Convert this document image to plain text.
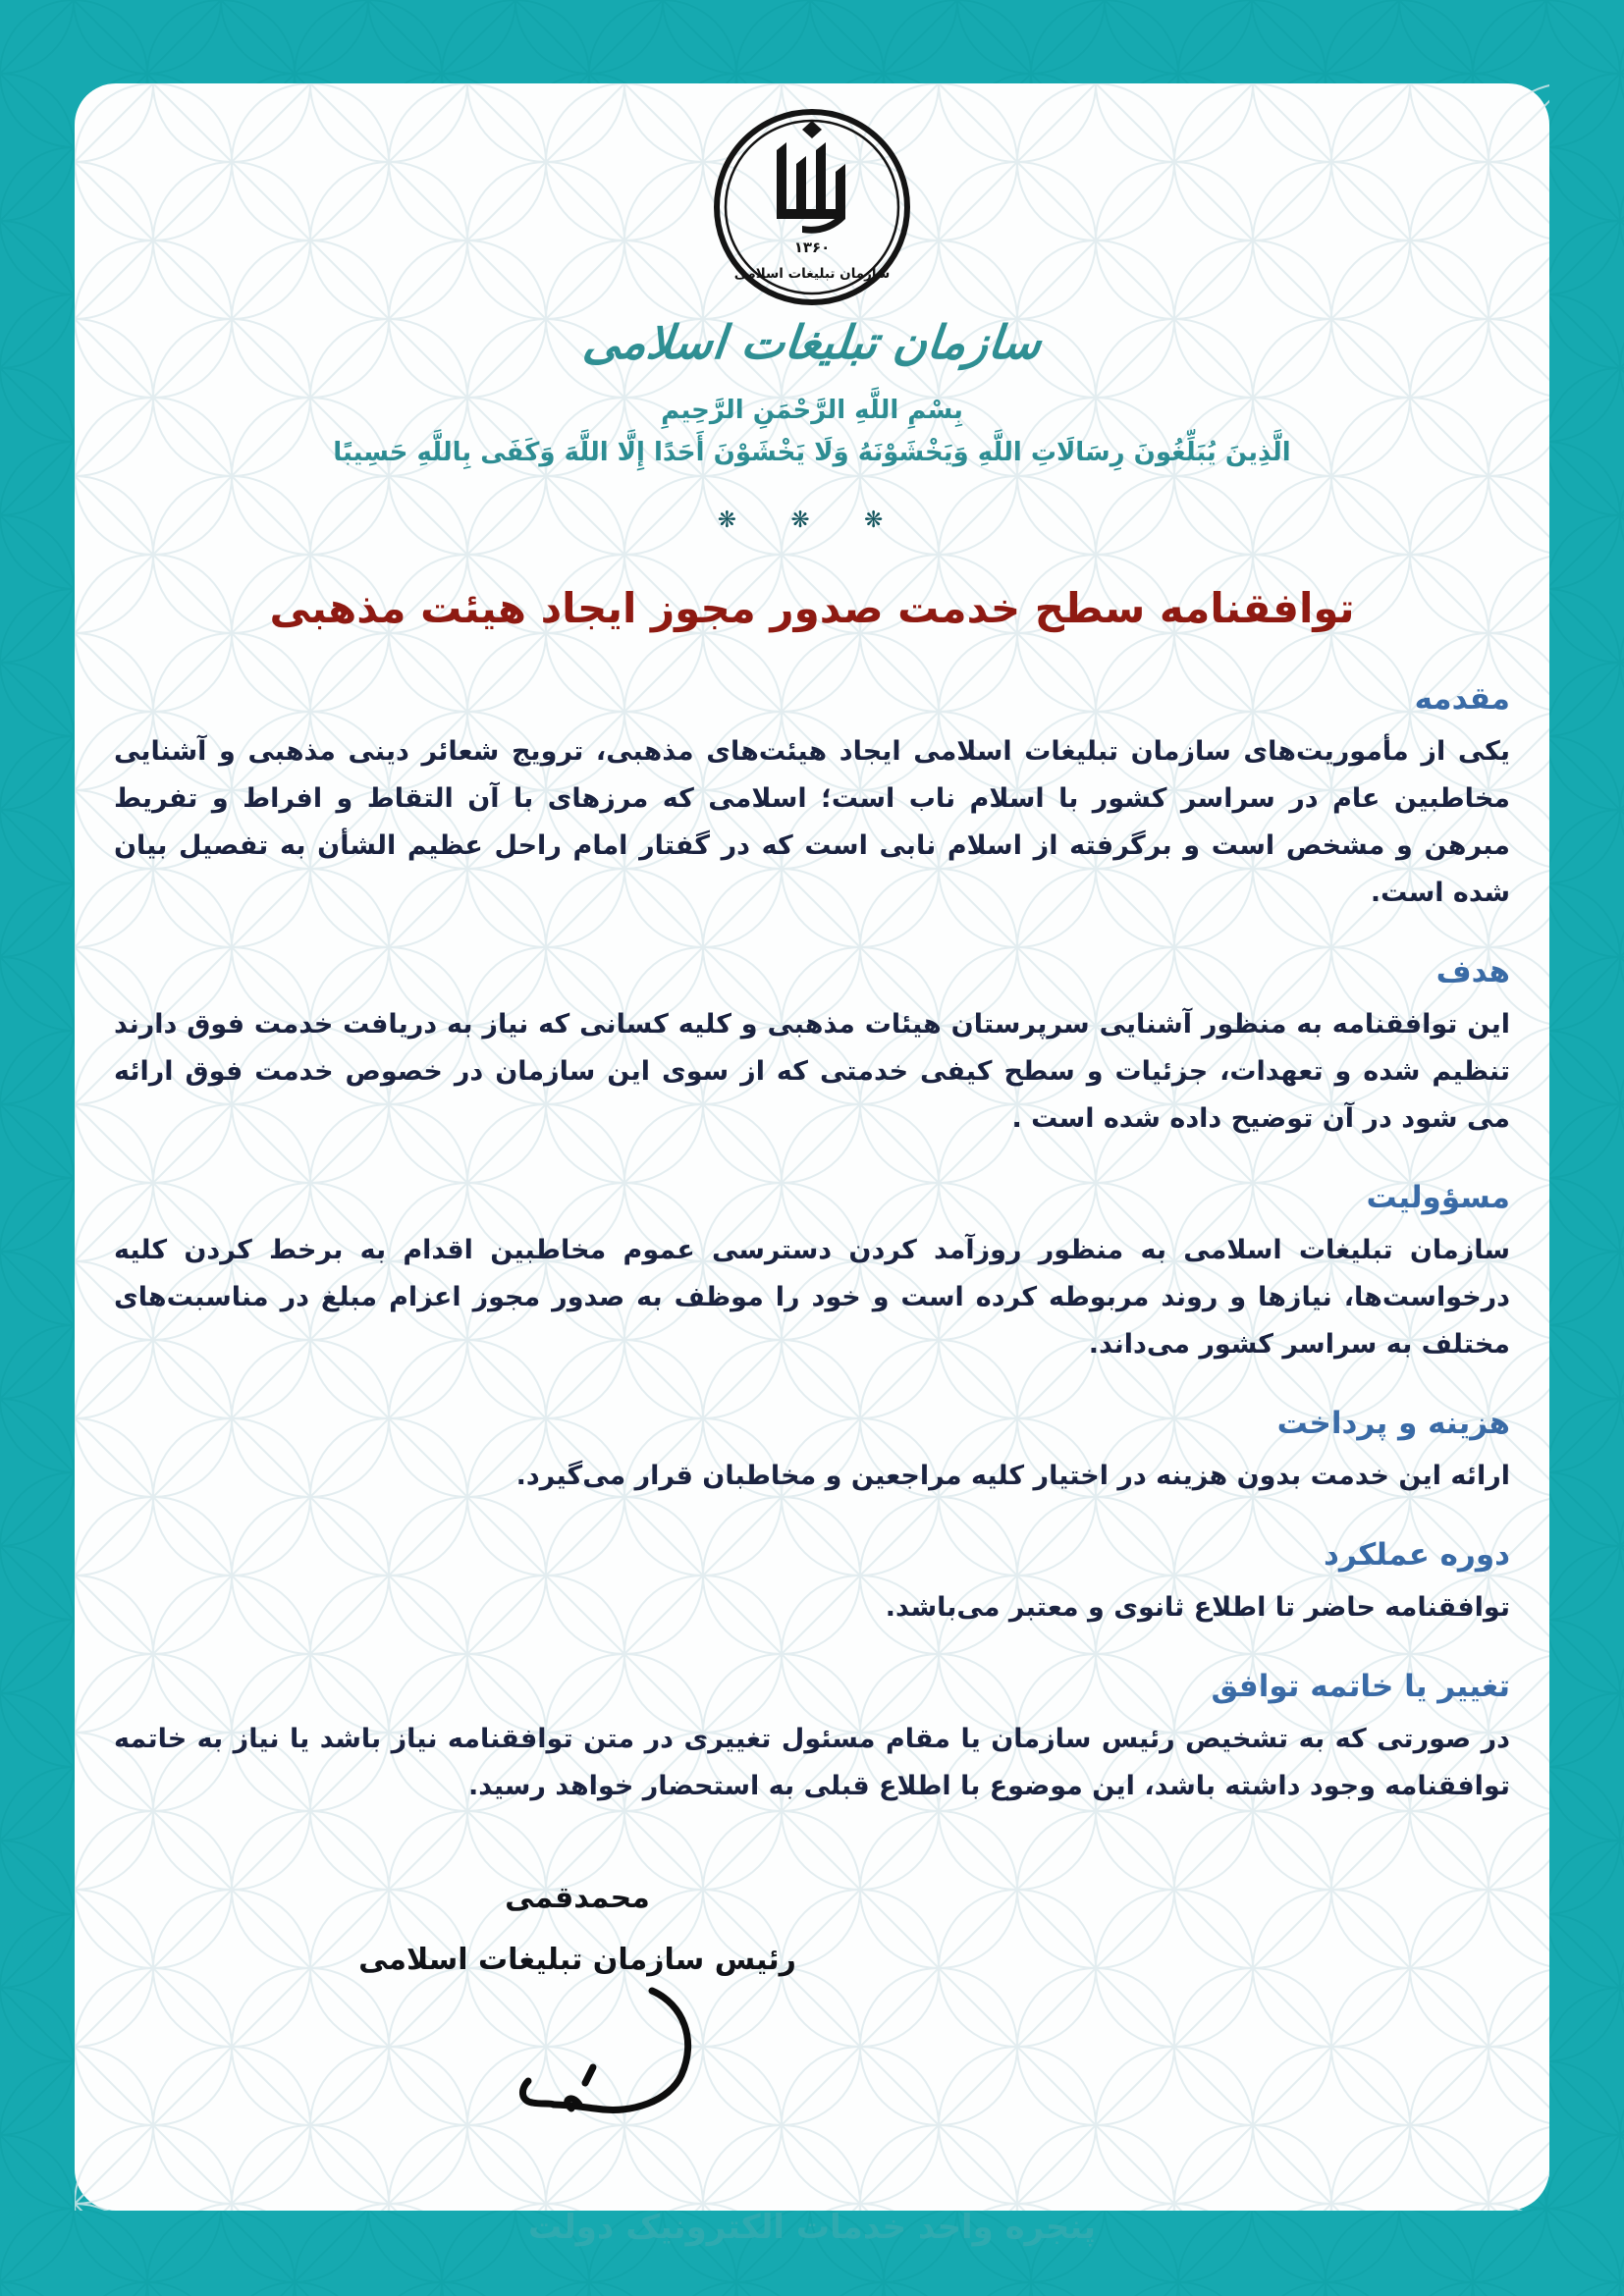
۱۳۶۰
سازمان تبلیغات اسلامی
سازمان تبلیغات اسلامی
بِسْمِ اللَّهِ الرَّحْمَنِ الرَّحِيمِ
الَّذِينَ يُبَلِّغُونَ رِسَالَاتِ اللَّهِ وَيَخْشَوْنَهُ وَلَا يَخْشَوْنَ أَحَدًا إِلَّا اللَّهَ وَكَفَى بِاللَّهِ حَسِيبًا
❋ ❋ ❋
توافقنامه سطح خدمت صدور مجوز ایجاد هیئت مذهبی
مقدمه

یکی از مأموریت‌های سازمان تبلیغات اسلامی ایجاد هیئت‌های مذهبی، ترویج شعائر دینی مذهبی و آشنایی مخاطبین عام در سراسر کشور با اسلام ناب است؛ اسلامی که مرزهای با آن التقاط و افراط و تفریط مبرهن و مشخص است و برگرفته از اسلام نابی است که در گفتار امام راحل عظیم الشأن به تفصیل بیان شده است.

هدف

این توافقنامه به منظور آشنایی سرپرستان هیئات مذهبی و کلیه کسانی که نیاز به دریافت خدمت فوق دارند تنظیم شده و تعهدات، جزئیات و سطح کیفی خدمتی که از سوی این سازمان در خصوص خدمت فوق ارائه می شود در آن توضیح داده شده است .

مسؤولیت

سازمان تبلیغات اسلامی به منظور روزآمد کردن دسترسی عموم مخاطبین اقدام به برخط کردن کلیه درخواست‌ها، نیازها و روند مربوطه کرده است و خود را موظف به صدور مجوز اعزام مبلغ در مناسبت‌های مختلف به سراسر کشور می‌داند.

هزینه و پرداخت

ارائه این خدمت بدون هزینه در اختیار کلیه مراجعین و مخاطبان قرار می‌گیرد.

دوره عملکرد

توافقنامه حاضر تا اطلاع ثانوی و معتبر می‌باشد.

تغییر یا خاتمه توافق

در صورتی که به تشخیص رئیس سازمان یا مقام مسئول تغییری در متن توافقنامه نیاز باشد یا نیاز به خاتمه توافقنامه وجود داشته باشد، این موضوع با اطلاع قبلی به استحضار خواهد رسید.

محمدقمی
رئیس سازمان تبلیغات اسلامی
پنجره واحد خدمات الکترونیک دولت
